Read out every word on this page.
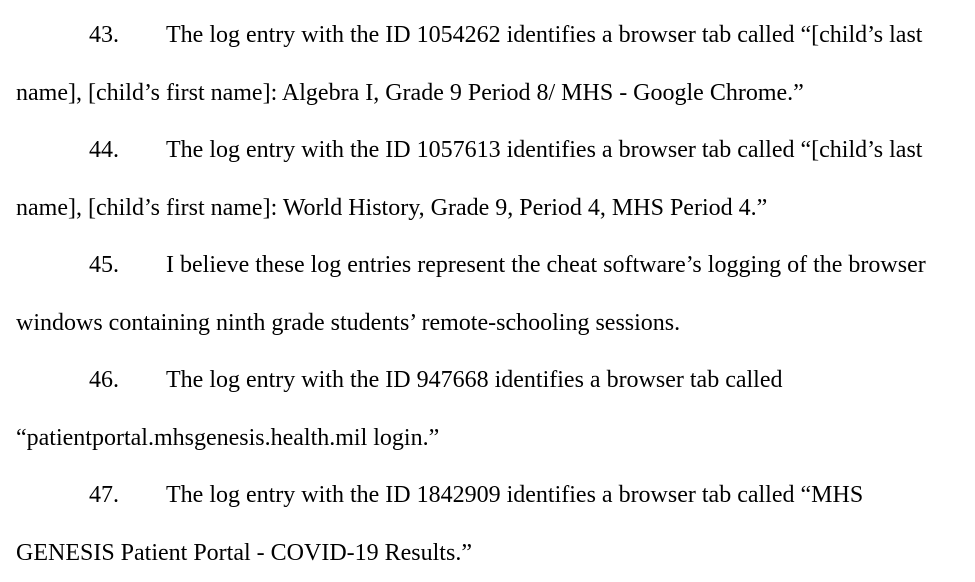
43. The log entry with the ID 1054262 identifies a browser tab called “[child’s last
name], [child’s first name]: Algebra I, Grade 9 Period 8/ MHS - Google Chrome.”
44. The log entry with the ID 1057613 identifies a browser tab called “[child’s last
name], [child’s first name]: World History, Grade 9, Period 4, MHS Period 4.”
45. I believe these log entries represent the cheat software’s logging of the browser
windows containing ninth grade students’ remote-schooling sessions.
46. The log entry with the ID 947668 identifies a browser tab called
“patientportal.mhsgenesis.health.mil login.”
47. The log entry with the ID 1842909 identifies a browser tab called “MHS
GENESIS Patient Portal - COVID-19 Results.”
